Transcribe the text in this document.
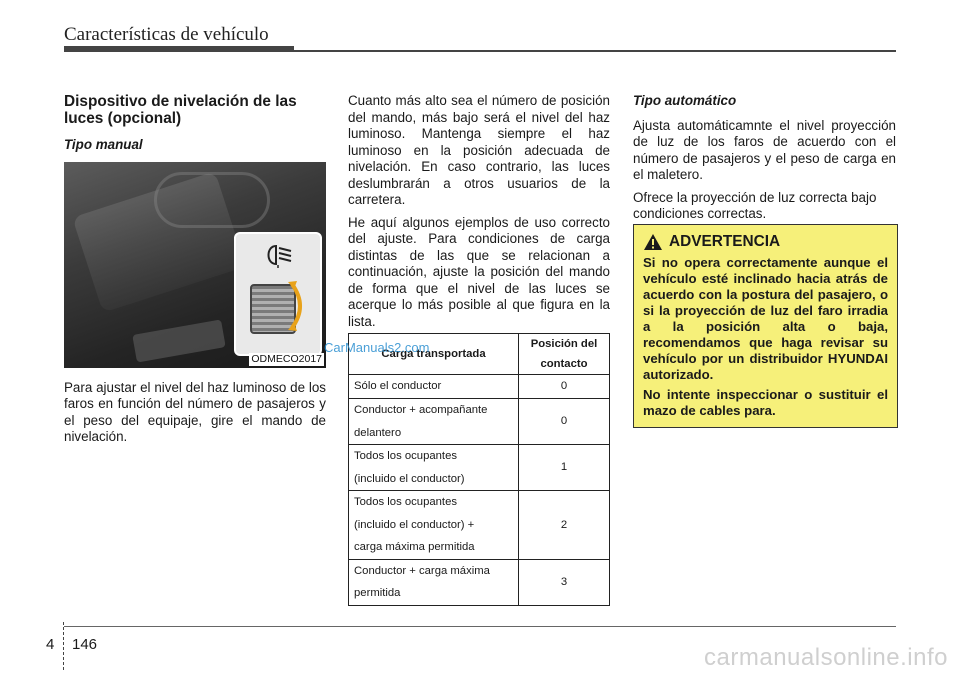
Características de vehículo
Dispositivo de nivelación de las luces (opcional)
Tipo manual
ODMECO2017

Para ajustar el nivel del haz luminoso de los faros en función del número de pasajeros y el peso del equipaje, gire el mando de nivelación.

Cuanto más alto sea el número de posición del mando, más bajo será el nivel del haz luminoso. Mantenga siempre el haz luminoso en la posición adecuada de nivelación. En caso contrario, las luces deslumbrarán a otros usuarios de la carretera.

He aquí algunos ejemplos de uso correcto del ajuste. Para condiciones de carga distintas de las que se relacionan a continuación, ajuste la posición del mando de forma que el nivel de las luces se acerque lo más posible al que figura en la lista.

Carga transportada	Posición del
contacto

Sólo el conductor	0

Conductor + acompañante
delantero	0

Todos los ocupantes
(incluido el conductor)	1

Todos los ocupantes
(incluido el conductor) +
carga máxima permitida	2

Conductor + carga máxima
permitida	3
CarManuals2.com
Tipo automático

Ajusta automáticamnte el nivel proyección de luz de los faros de acuerdo con el número de pasajeros y el peso de carga en el maletero.

Ofrece la proyección de luz correcta bajo condiciones correctas.

ADVERTENCIA

Si no opera correctamente aunque el vehículo esté inclinado hacia atrás de acuerdo con la postura del pasajero, o si la proyección de luz del faro irradia a la posición alta o baja, recomendamos que haga revisar su vehículo por un distribuidor HYUNDAI autorizado.

No intente inspeccionar o sustituir el mazo de cables para.

4 146	carmanualsonline.info
